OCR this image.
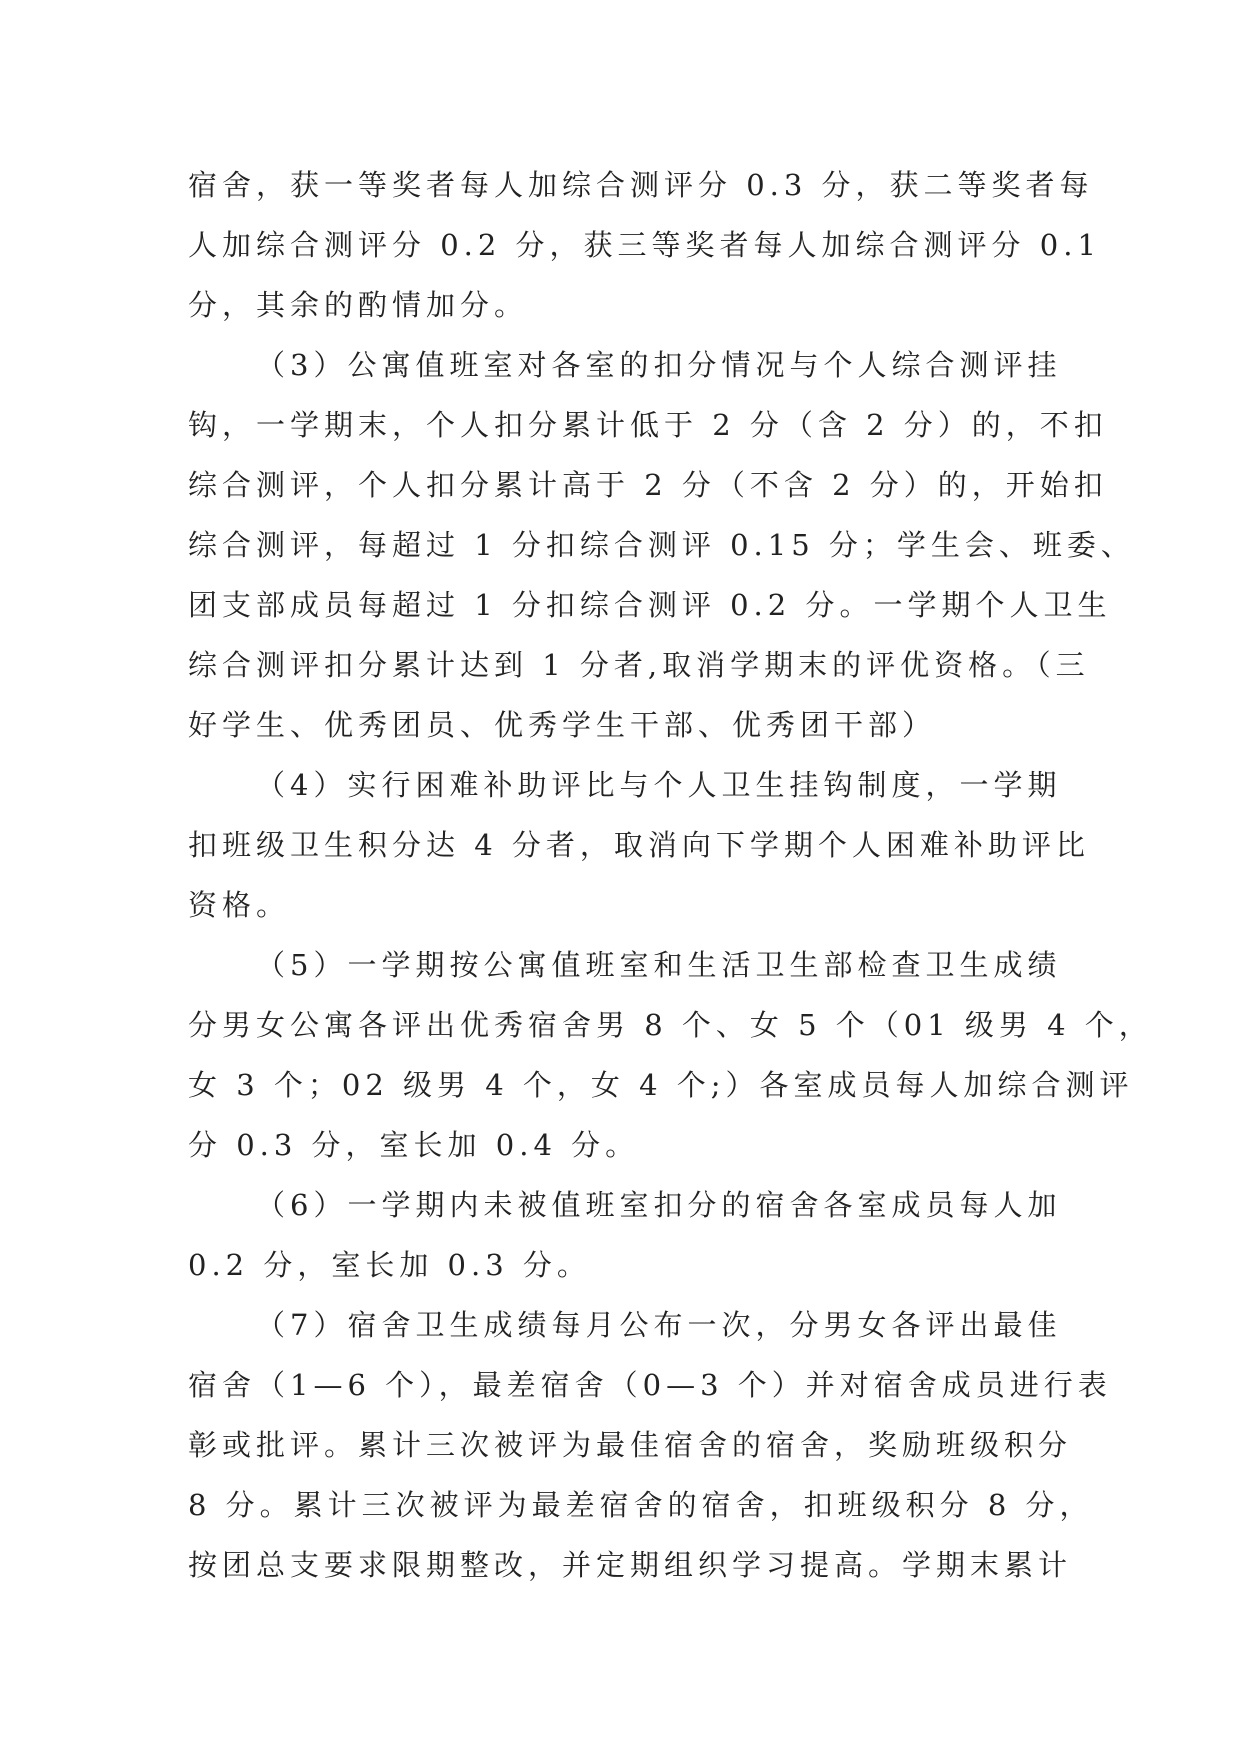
宿舍，获一等奖者每人加综合测评分 0.3 分，获二等奖者每
人加综合测评分 0.2 分，获三等奖者每人加综合测评分 0.1
分，其余的酌情加分。
（3）公寓值班室对各室的扣分情况与个人综合测评挂
钩，一学期末，个人扣分累计低于 2 分（含 2 分）的，不扣
综合测评，个人扣分累计高于 2 分（不含 2 分）的，开始扣
综合测评，每超过 1 分扣综合测评 0.15 分；学生会、班委、
团支部成员每超过 1 分扣综合测评 0.2 分。一学期个人卫生
综合测评扣分累计达到 1 分者,取消学期末的评优资格。（三
好学生、优秀团员、优秀学生干部、优秀团干部）
（4）实行困难补助评比与个人卫生挂钩制度，一学期
扣班级卫生积分达 4 分者，取消向下学期个人困难补助评比
资格。
（5）一学期按公寓值班室和生活卫生部检查卫生成绩
分男女公寓各评出优秀宿舍男 8 个、女 5 个（01 级男 4 个，
女 3 个；02 级男 4 个，女 4 个;）各室成员每人加综合测评
分 0.3 分，室长加 0.4 分。
（6）一学期内未被值班室扣分的宿舍各室成员每人加
0.2 分，室长加 0.3 分。
（7）宿舍卫生成绩每月公布一次，分男女各评出最佳
宿舍（1—6 个），最差宿舍（0—3 个）并对宿舍成员进行表
彰或批评。累计三次被评为最佳宿舍的宿舍，奖励班级积分
8 分。累计三次被评为最差宿舍的宿舍，扣班级积分 8 分，
按团总支要求限期整改，并定期组织学习提高。学期末累计
